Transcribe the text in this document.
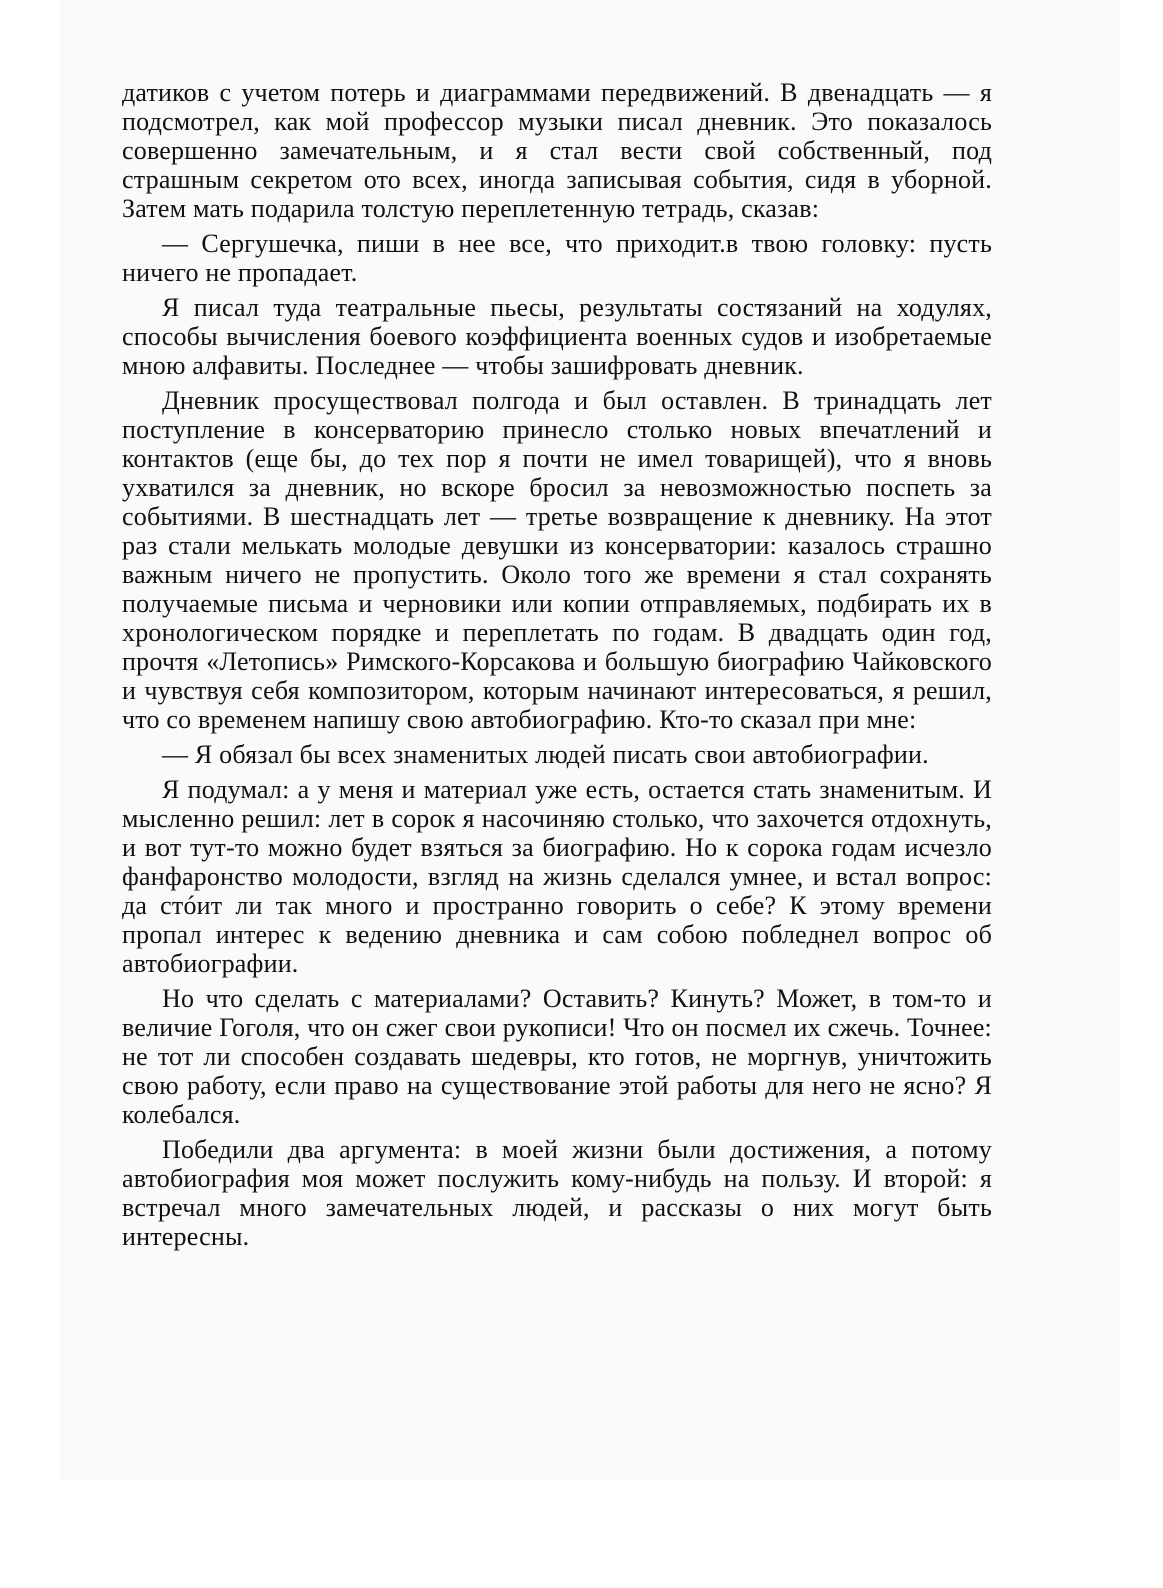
датиков с учетом потерь и диаграммами передвижений. В двенадцать — я подсмотрел, как мой профессор музыки писал дневник. Это показалось совершенно замечательным, и я стал вести свой собственный, под страшным секретом ото всех, иногда записывая события, сидя в уборной. Затем мать подарила толстую переплетенную тетрадь, сказав:

— Сергушечка, пиши в нее все, что приходит.в твою головку: пусть ничего не пропадает.

Я писал туда театральные пьесы, результаты состязаний на ходулях, способы вычисления боевого коэффициента военных судов и изобретаемые мною алфавиты. Последнее — чтобы зашифровать дневник.

Дневник просуществовал полгода и был оставлен. В тринадцать лет поступление в консерваторию принесло столько новых впечатлений и контактов (еще бы, до тех пор я почти не имел товарищей), что я вновь ухватился за дневник, но вскоре бросил за невозможностью поспеть за событиями. В шестнадцать лет — третье возвращение к дневнику. На этот раз стали мелькать молодые девушки из консерватории: казалось страшно важным ничего не пропустить. Около того же времени я стал сохранять получаемые письма и черновики или копии отправляемых, подбирать их в хронологическом порядке и переплетать по годам. В двадцать один год, прочтя «Летопись» Римского-Корсакова и большую биографию Чайковского и чувствуя себя композитором, которым начинают интересоваться, я решил, что со временем напишу свою автобиографию. Кто-то сказал при мне:

— Я обязал бы всех знаменитых людей писать свои автобиографии.

Я подумал: а у меня и материал уже есть, остается стать знаменитым. И мысленно решил: лет в сорок я насочиняю столько, что захочется отдохнуть, и вот тут-то можно будет взяться за биографию. Но к сорока годам исчезло фанфаронство молодости, взгляд на жизнь сделался умнее, и встал вопрос: да стóит ли так много и пространно говорить о себе? К этому времени пропал интерес к ведению дневника и сам собою побледнел вопрос об автобиографии.

Но что сделать с материалами? Оставить? Кинуть? Может, в том-то и величие Гоголя, что он сжег свои рукописи! Что он посмел их сжечь. Точнее: не тот ли способен создавать шедевры, кто готов, не моргнув, уничтожить свою работу, если право на существование этой работы для него не ясно? Я колебался.

Победили два аргумента: в моей жизни были достижения, а потому автобиография моя может послужить кому-нибудь на пользу. И второй: я встречал много замечательных людей, и рассказы о них могут быть интересны.
